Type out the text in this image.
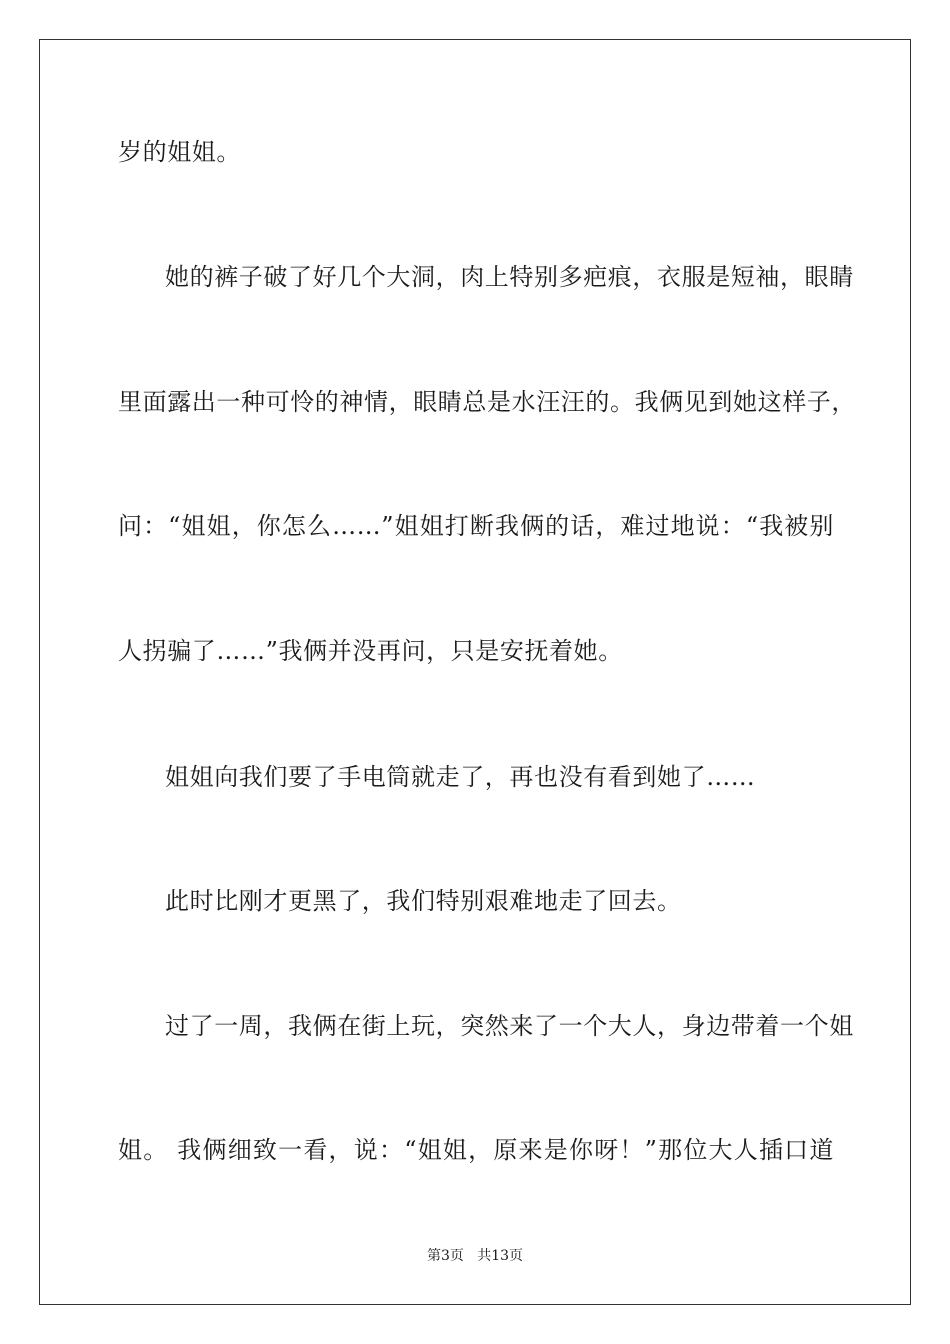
岁的姐姐。
她的裤子破了好几个大洞，肉上特别多疤痕，衣服是短袖，眼睛
里面露出一种可怜的神情，眼睛总是水汪汪的。我俩见到她这样子，
问：“姐姐，你怎么……”姐姐打断我俩的话，难过地说：“我被别
人拐骗了……”我俩并没再问，只是安抚着她。
姐姐向我们要了手电筒就走了，再也没有看到她了……
此时比刚才更黑了，我们特别艰难地走了回去。
过了一周，我俩在街上玩，突然来了一个大人，身边带着一个姐
姐。 我俩细致一看，说：“姐姐，原来是你呀！”那位大人插口道
第3页   共13页
